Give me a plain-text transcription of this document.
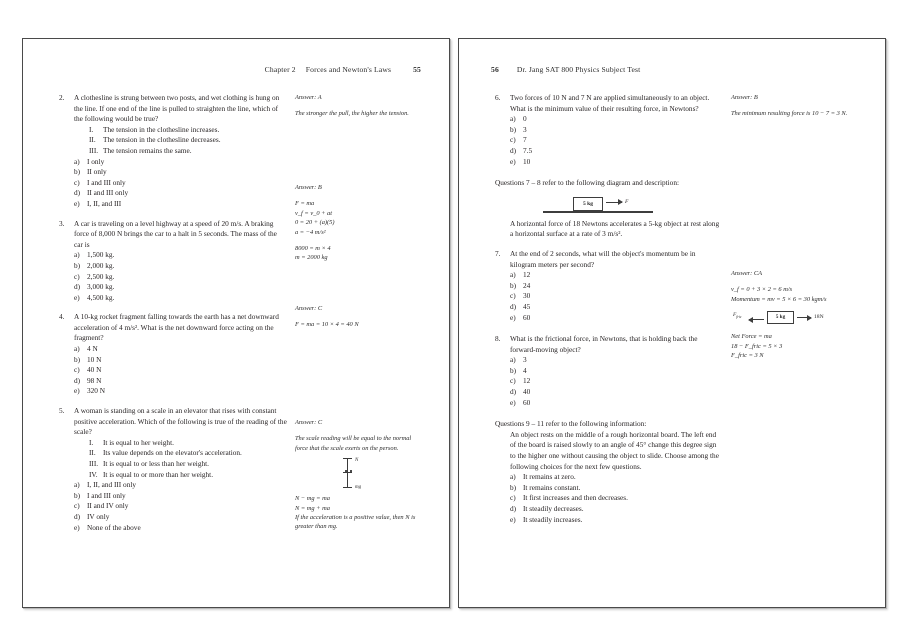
Chapter 2 Forces and Newton's Laws	55
2.	A clothesline is strung between two posts, and wet clothing is hung on the line. If one end of the line is pulled to straighten the line, which of the following would be true?
I.	The tension in the clothesline increases.
II.	The tension in the clothesline decreases.
III. The tension remains the same.
a)	I only
b) II only
c)	I and III only
d) II and III only
e)	I, II, and III
3.	A car is traveling on a level highway at a speed of 20 m/s. A braking force of 8,000 N brings the car to a halt in 5 seconds. The mass of the car is
a)	1,500 kg.
b) 2,000 kg.
c)	2,500 kg.
d) 3,000 kg.
e)	4,500 kg.
4.	A 10-kg rocket fragment falling towards the earth has a net downward acceleration of 4 m/s². What is the net downward force acting on the fragment?
a)	4 N
b) 10 N
c)	40 N
d) 98 N
e)	320 N
5.	A woman is standing on a scale in an elevator that rises with constant positive acceleration. Which of the following is true of the reading of the scale?
I.	It is equal to her weight.
II.	Its value depends on the elevator's acceleration.
III. It is equal to or less than her weight.
IV. It is equal to or more than her weight.
a)	I, II, and III only
b) I and III only
c)	II and IV only
d) IV only
e)	None of the above
Answer: A
The stronger the pull, the higher the tension.
Answer: B
F = ma
v_f = v_0 + at
0 = 20 + (a)(5)
a = −4 m/s²
8000 = m × 4
m = 2000 kg
Answer: C
F = ma = 10 × 4 = 40 N
Answer: C
The scale reading will be equal to the normal force that the scale exerts on the person.
N
mg
N − mg = ma
N = mg + ma
If the acceleration is a positive value, then N is greater than mg.
56 Dr. Jang SAT 800 Physics Subject Test
6.	Two forces of 10 N and 7 N are applied simultaneously to an object. What is the minimum value of their resulting force, in Newtons?
a)	0
b) 3
c)	7
d) 7.5
e)	10
Questions 7 – 8 refer to the following diagram and description:
5 kg	F
A horizontal force of 18 Newtons accelerates a 5-kg object at rest along a horizontal surface at a rate of 3 m/s².
7.	At the end of 2 seconds, what will the object's momentum be in kilogram meters per second?
a)	12
b) 24
c)	30
d) 45
e)	60
8.	What is the frictional force, in Newtons, that is holding back the forward-moving object?
a)	3
b) 4
c)	12
d) 40
e)	60
Questions 9 – 11 refer to the following information:
An object rests on the middle of a rough horizontal board. The left end of the board is raised slowly to an angle of 45° change this degree sign to the higher one without causing the object to slide. Choose among the following choices for the next few questions.
a)	It remains at zero.
b) It remains constant.
c)	It first increases and then decreases.
d) It steadily decreases.
e)	It steadily increases.
Answer: B
The minimum resulting force is 10 − 7 = 3 N.
Answer: CA
v_f = 0 + 3 × 2 = 6 m/s
Momentum = mv = 5 × 6 = 30 kgm/s
$F_{fric}$	5 kg	18N
Net Force = ma
18 − F_fric = 5 × 3
F_fric = 3 N
